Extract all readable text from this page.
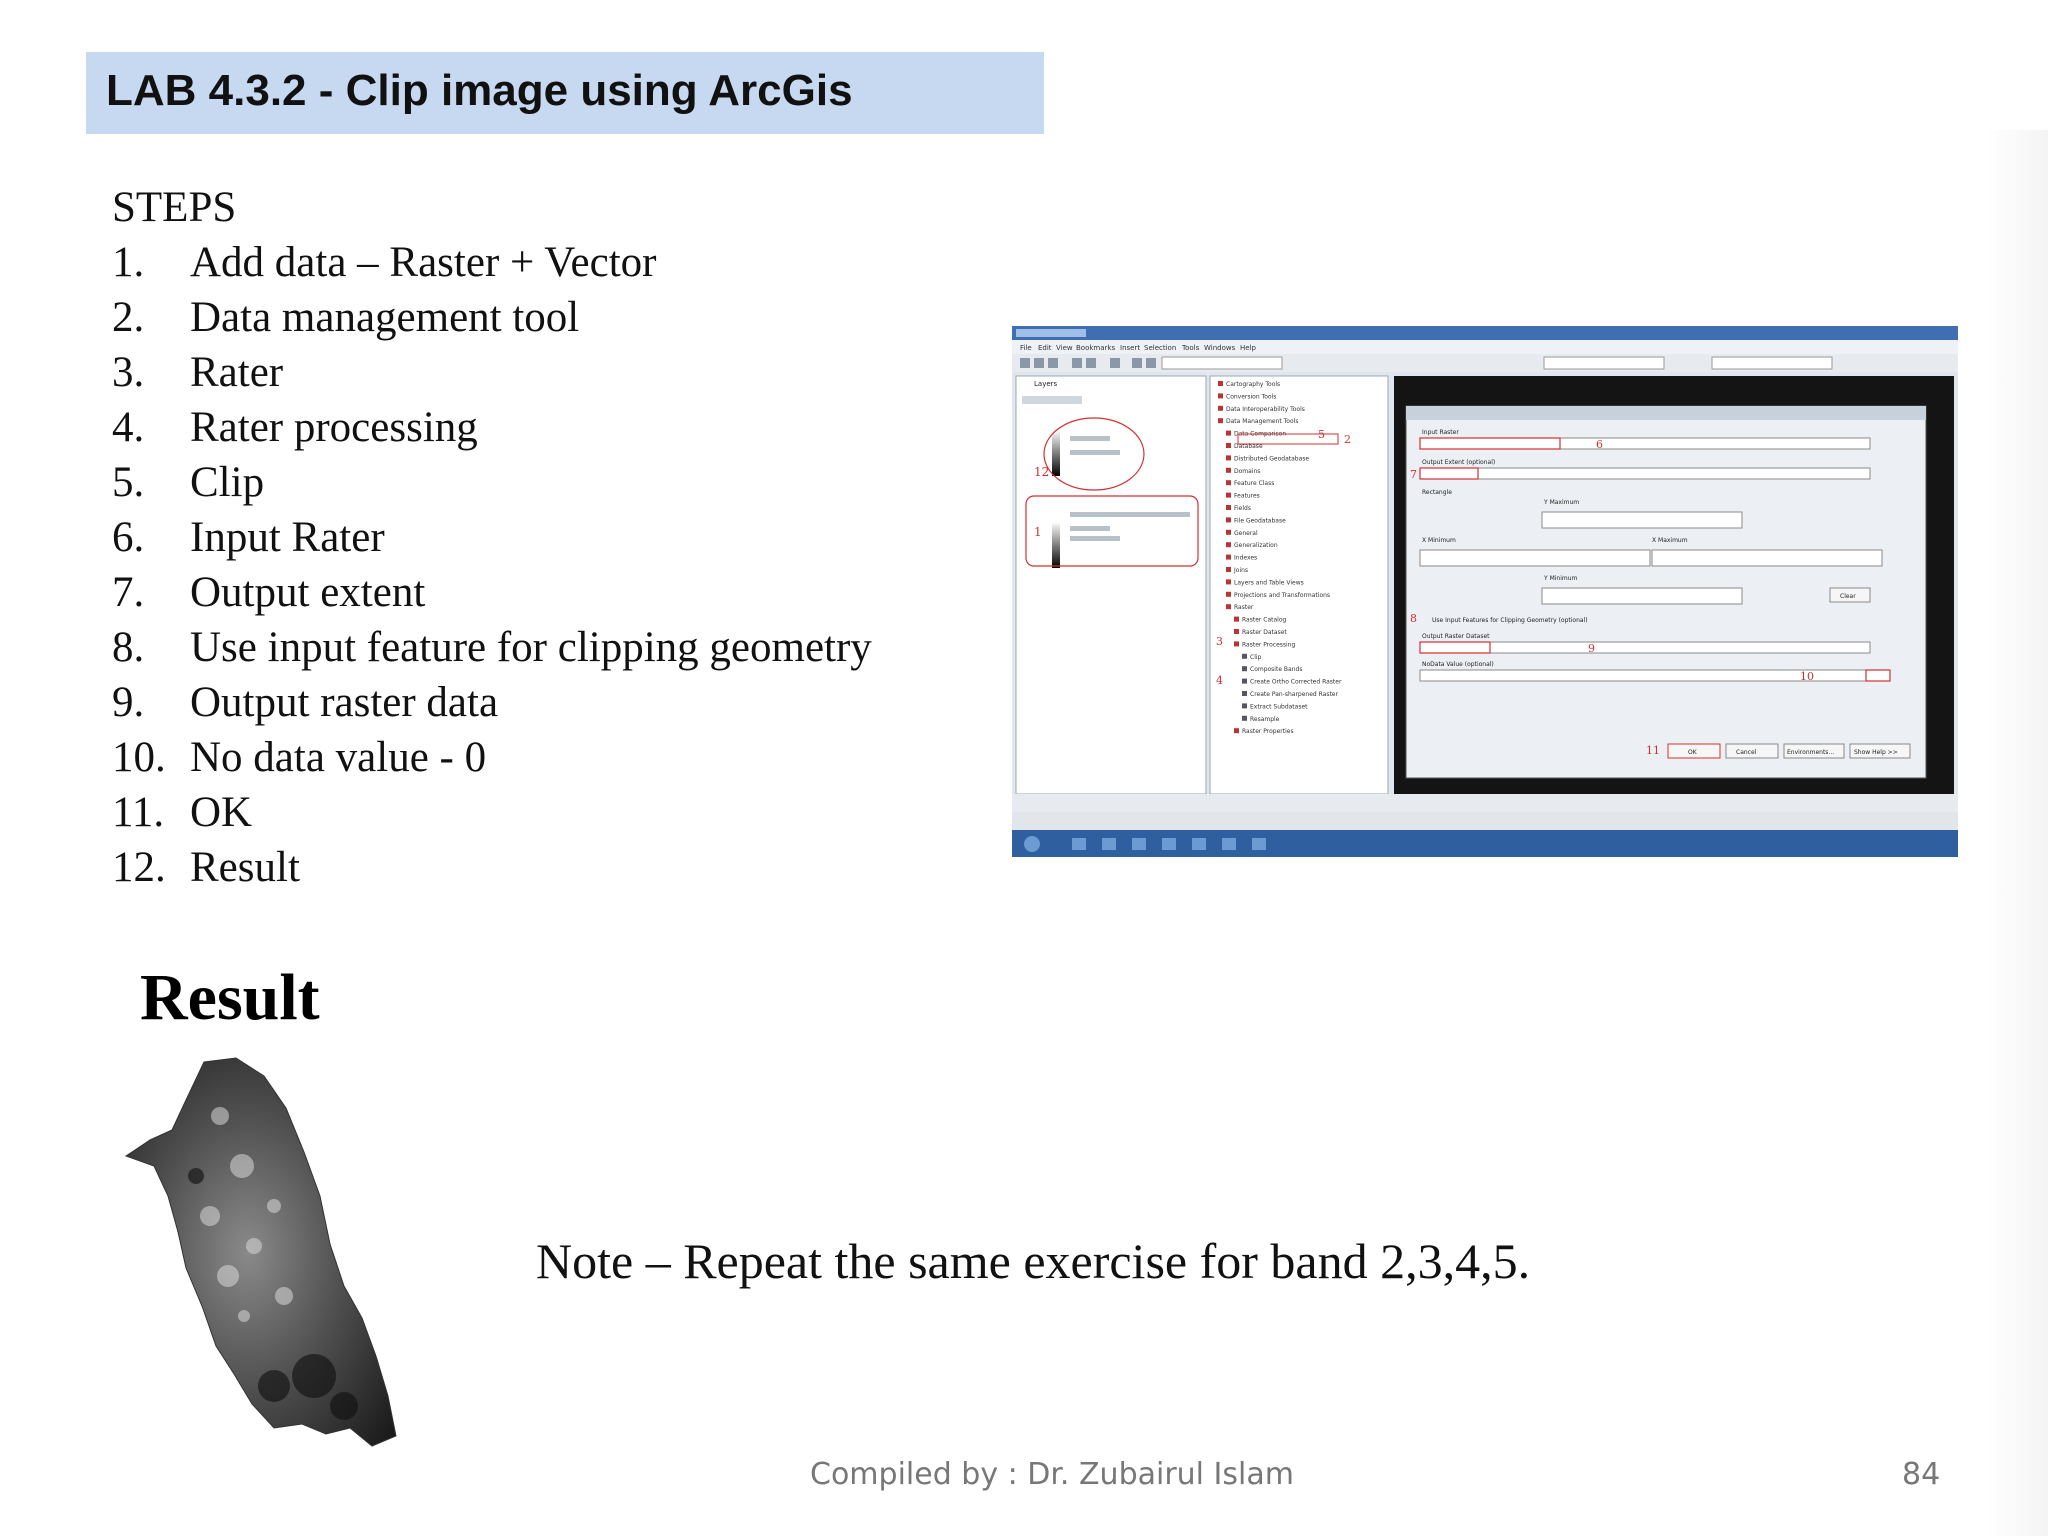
LAB 4.3.2 - Clip image using ArcGis
STEPS
1.	Add data – Raster + Vector
2.	Data management tool
3.	Rater
4.	Rater processing
5.	Clip
6.	Input Rater
7.	Output extent
8.	Use input feature for clipping geometry
9.	Output raster data
10. No data value - 0
11. OK
12. Result
File Edit View Bookmarks Insert Selection Tools Windows Help
Layers
12
1
Cartography Tools
Conversion Tools
Data Interoperability Tools
Data Management Tools
Data Comparison
Database
Distributed Geodatabase
Domains
Feature Class
Features
Fields
File Geodatabase
General
Generalization
Indexes
Joins
Layers and Table Views
Projections and Transformations
Raster
Raster Catalog
Raster Dataset
Raster Processing
Clip
Composite Bands
Create Ortho Corrected Raster
Create Pan-sharpened Raster
Extract Subdataset
Resample
Raster Properties
2
3
4
Input Raster
Output Extent (optional)
Rectangle
Y Maximum
X Minimum	X Maximum
Y Minimum
Use Input Features for Clipping Geometry (optional)
Output Raster Dataset
NoData Value (optional)
6
7
8
9
10
11
5
OK	Cancel	Environments...	Show Help >>
Clear
Result
Note – Repeat the same exercise for band 2,3,4,5.
Compiled by : Dr. Zubairul Islam	84
